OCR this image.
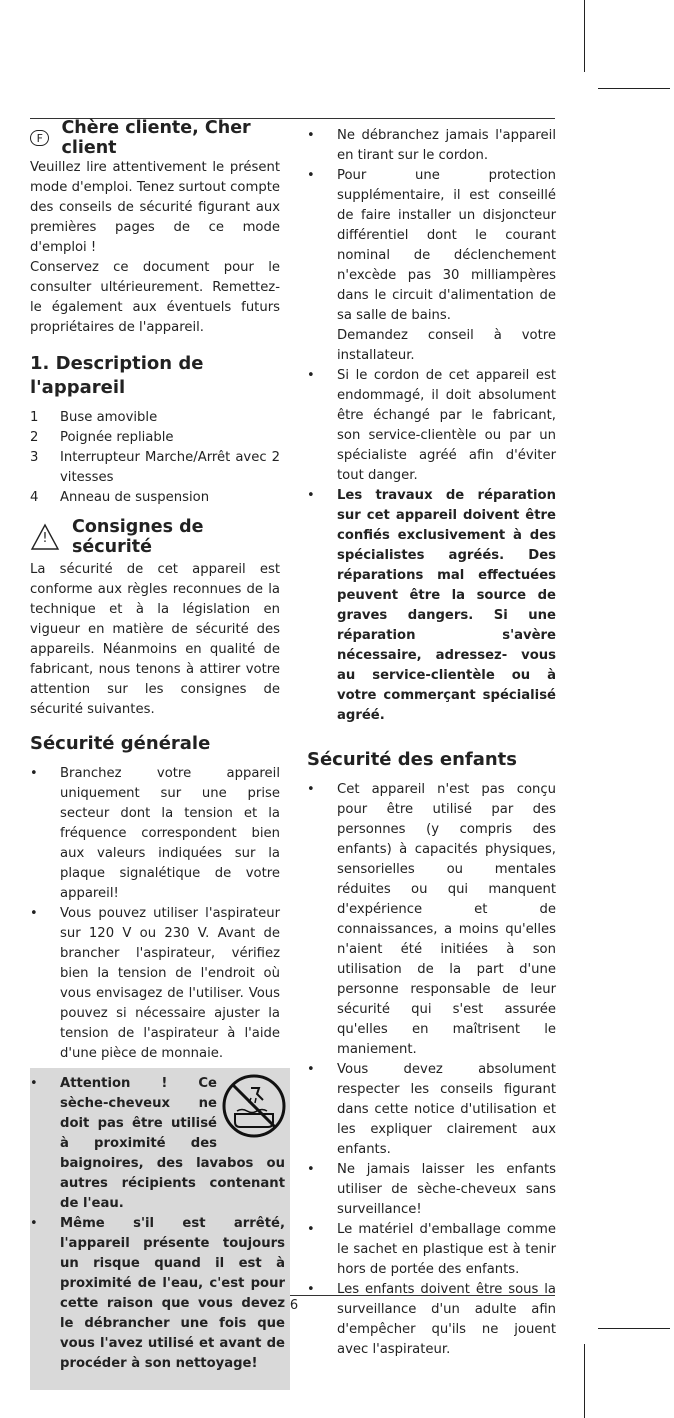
F	Chère cliente, Cher client

Veuillez lire attentivement le présent mode d'emploi. Tenez surtout compte des conseils de sécurité figurant aux premières pages de ce mode d'emploi !

Conservez ce document pour le consulter ultérieurement. Remettez-le également aux éventuels futurs propriétaires de l'appareil.

1. Description de l'appareil
1	Buse amovible
2	Poignée repliable
3	Interrupteur Marche/Arrêt avec 2 vitesses
4	Anneau de suspension
!
Consignes de sécurité

La sécurité de cet appareil est conforme aux règles reconnues de la technique et à la législation en vigueur en matière de sécurité des appareils. Néanmoins en qualité de fabricant, nous tenons à attirer votre attention sur les consignes de sécurité suivantes.

Sécurité générale
•	Branchez votre appareil uniquement sur une prise secteur dont la tension et la fréquence correspondent bien aux valeurs indiquées sur la plaque signalétique de votre appareil!
•	Vous pouvez utiliser l'aspirateur sur 120 V ou 230 V. Avant de brancher l'aspirateur, vérifiez bien la tension de l'endroit où vous envisagez de l'utiliser. Vous pouvez si nécessaire ajuster la tension de l'aspirateur à l'aide d'une pièce de monnaie.
•	Attention ! Ce sèche-cheveux ne doit pas être utilisé à proximité des baignoires, des lavabos ou autres récipients contenant de l'eau.
•	Même s'il est arrêté, l'appareil présente toujours un risque quand il est à proximité de l'eau, c'est pour cette raison que vous devez le débrancher une fois que vous l'avez utilisé et avant de procéder à son nettoyage!
•	Ne débranchez jamais l'appareil en tirant sur le cordon.
•	Pour une protection supplémentaire, il est conseillé de faire installer un disjoncteur différentiel dont le courant nominal de déclenchement n'excède pas 30 milliampères dans le circuit d'alimentation de sa salle de bains.
Demandez conseil à votre installateur.
•	Si le cordon de cet appareil est endommagé, il doit absolument être échangé par le fabricant, son service-clientèle ou par un spécialiste agréé afin d'éviter tout danger.
•	Les travaux de réparation sur cet appareil doivent être confiés exclusivement à des spécialistes agréés. Des réparations mal effectuées peuvent être la source de graves dangers. Si une réparation s'avère nécessaire, adressez- vous au service-clientèle ou à votre commerçant spécialisé agréé.
Sécurité des enfants
•	Cet appareil n'est pas conçu pour être utilisé par des personnes (y compris des enfants) à capacités physiques, sensorielles ou mentales réduites ou qui manquent d'expérience et de connaissances, a moins qu'elles n'aient été initiées à son utilisation de la part d'une personne responsable de leur sécurité qui s'est assurée qu'elles en maîtrisent le maniement.
•	Vous devez absolument respecter les conseils figurant dans cette notice d'utilisation et les expliquer clairement aux enfants.
•	Ne jamais laisser les enfants utiliser de sèche-cheveux sans surveillance!
•	Le matériel d'emballage comme le sachet en plastique est à tenir hors de portée des enfants.
•	Les enfants doivent être sous la surveillance d'un adulte afin d'empêcher qu'ils ne jouent avec l'aspirateur.
6
